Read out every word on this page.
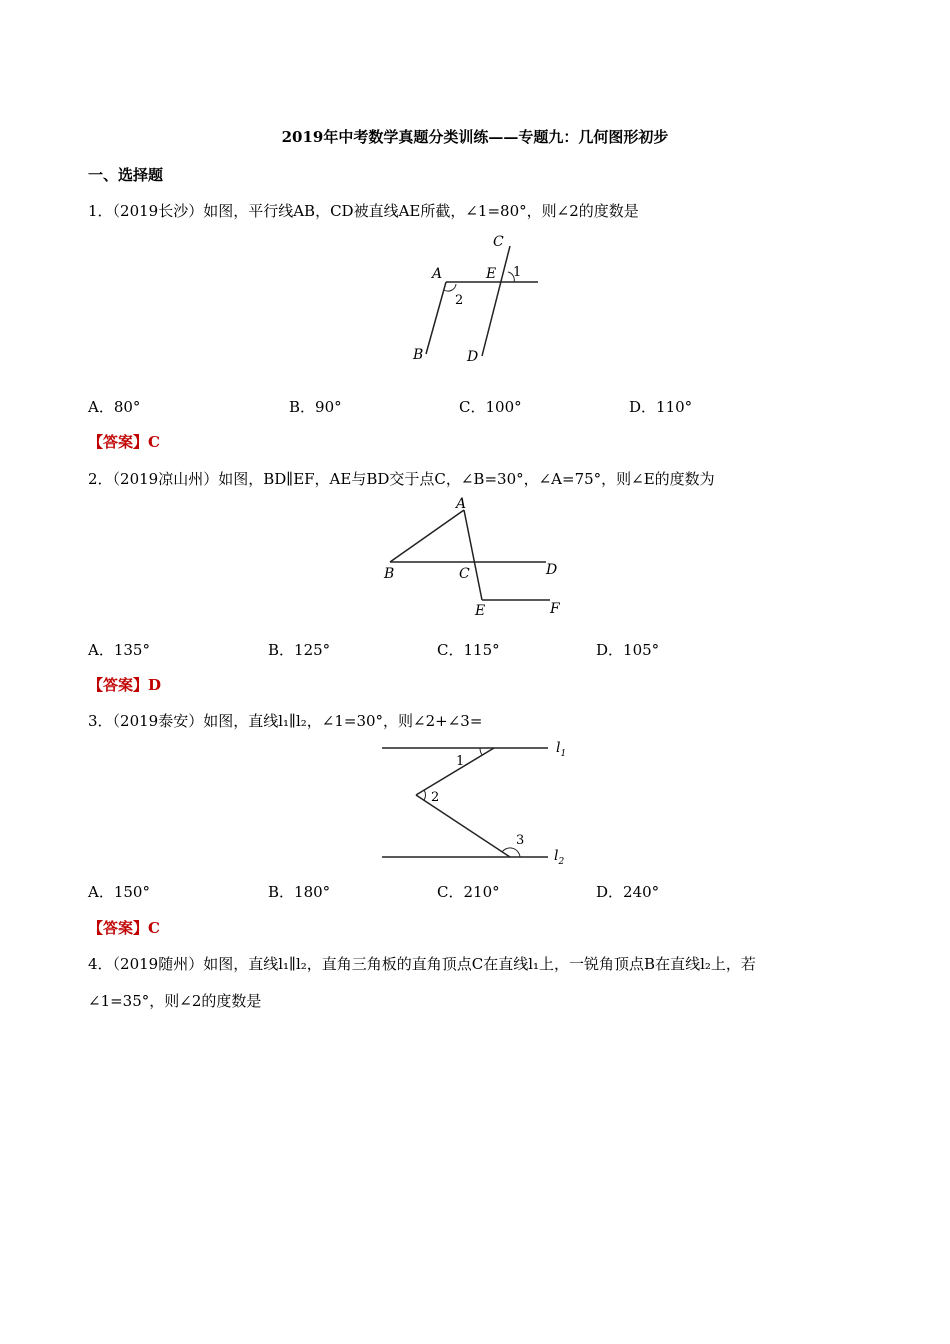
2019年中考数学真题分类训练——专题九：几何图形初步
一、选择题
1．（2019长沙）如图，平行线AB，CD被直线AE所截，∠1=80°，则∠2的度数是
C
A	E 1
2
B	D
A．80°	B．90°	C．100°	D．110°
【答案】C
2．（2019凉山州）如图，BD∥EF，AE与BD交于点C，∠B=30°，∠A=75°，则∠E的度数为
A
B	C	D
E	F
A．135°	B．125°	C．115°	D．105°
【答案】D
3．（2019泰安）如图，直线l₁∥l₂，∠1=30°，则∠2+∠3=
1
2
3
$l_1$
$l_2$
A．150°	B．180°	C．210°	D．240°
【答案】C
4．（2019随州）如图，直线l₁∥l₂，直角三角板的直角顶点C在直线l₁上，一锐角顶点B在直线l₂上，若
∠1=35°，则∠2的度数是
